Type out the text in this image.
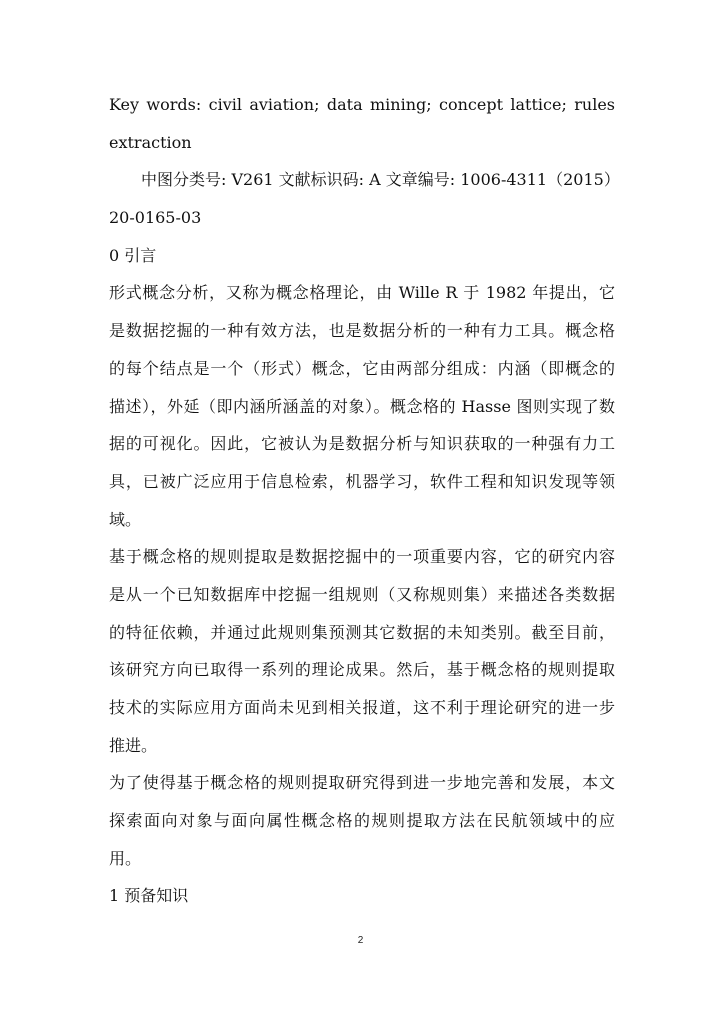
Key words: civil aviation; data mining; concept lattice; rules
extraction
中图分类号: V261 文献标识码: A 文章编号: 1006-4311（2015）
20-0165-03
0 引言
形式概念分析，又称为概念格理论，由 Wille R 于 1982 年提出，它
是数据挖掘的一种有效方法，也是数据分析的一种有力工具。概念格
的每个结点是一个（形式）概念，它由两部分组成：内涵（即概念的
描述），外延（即内涵所涵盖的对象）。概念格的 Hasse 图则实现了数
据的可视化。因此，它被认为是数据分析与知识获取的一种强有力工
具，已被广泛应用于信息检索，机器学习，软件工程和知识发现等领
域。
基于概念格的规则提取是数据挖掘中的一项重要内容，它的研究内容
是从一个已知数据库中挖掘一组规则（又称规则集）来描述各类数据
的特征依赖，并通过此规则集预测其它数据的未知类别。截至目前，
该研究方向已取得一系列的理论成果。然后，基于概念格的规则提取
技术的实际应用方面尚未见到相关报道，这不利于理论研究的进一步
推进。
为了使得基于概念格的规则提取研究得到进一步地完善和发展，本文
探索面向对象与面向属性概念格的规则提取方法在民航领域中的应
用。
1 预备知识
2
